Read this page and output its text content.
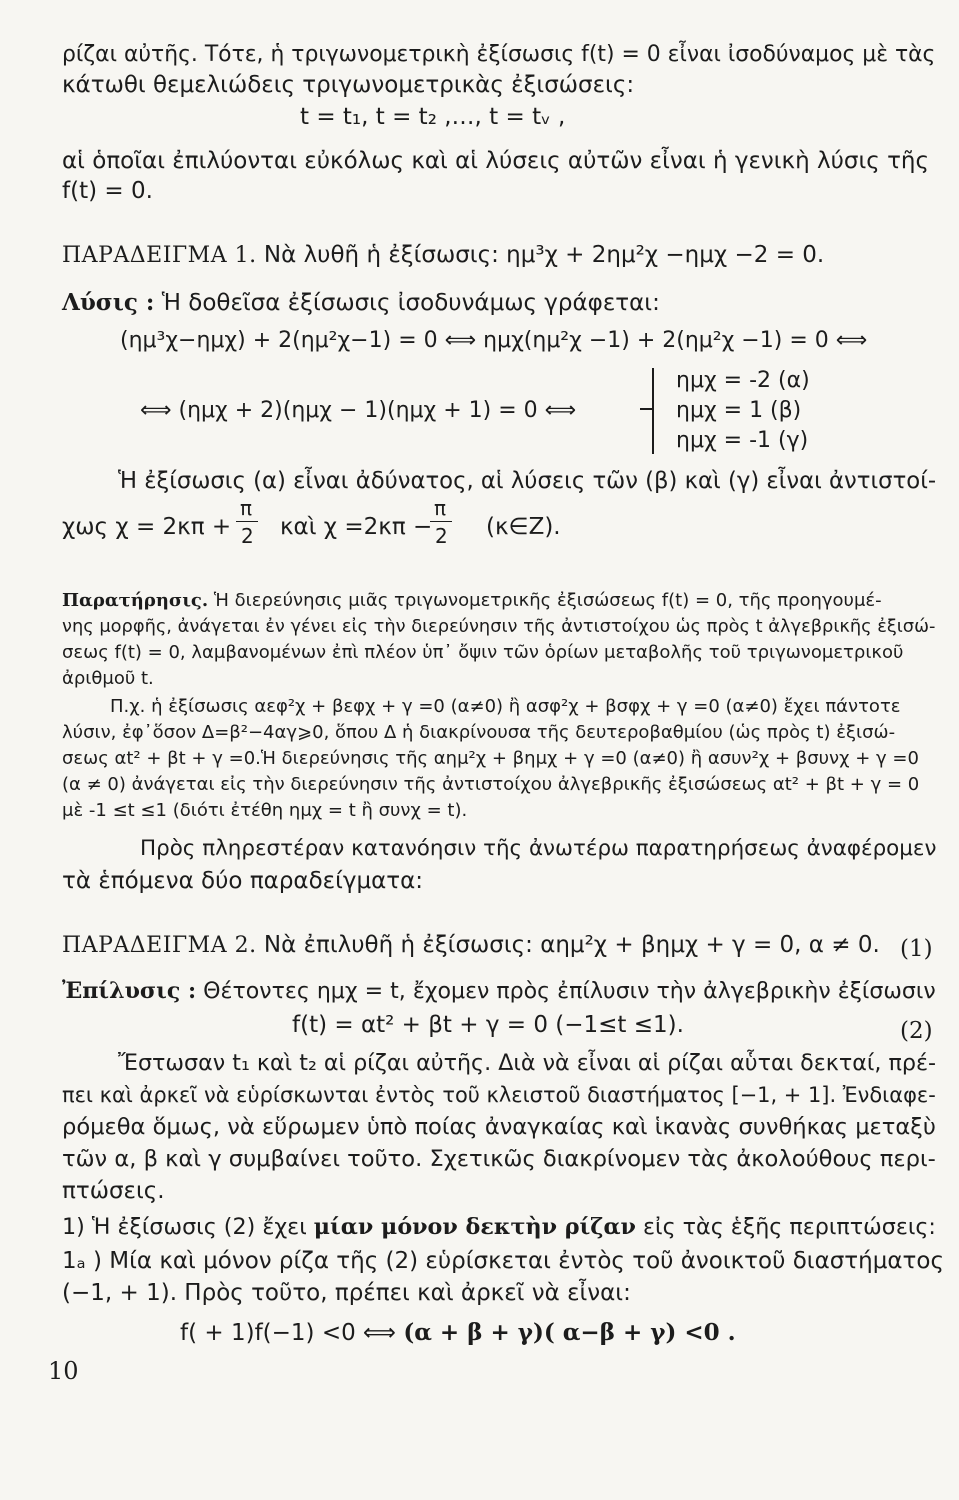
ρίζαι αὐτῆς. Τότε, ἡ τριγωνομετρικὴ ἐξίσωσις f(t) = 0 εἶναι ἰσοδύναμος μὲ τὰς
κάτωθι θεμελιώδεις τριγωνομετρικὰς ἐξισώσεις:
t = t₁, t = t₂ ,…, t = tᵥ ,
αἱ ὁποῖαι ἐπιλύονται εὐκόλως καὶ αἱ λύσεις αὐτῶν εἶναι ἡ γενικὴ λύσις τῆς
f(t) = 0.
ΠΑΡΑΔΕΙΓΜΑ 1. Νὰ λυθῆ ἡ ἐξίσωσις: ημ³χ + 2ημ²χ −ημχ −2 = 0.
Λύσις : Ἡ δοθεῖσα ἐξίσωσις ἰσοδυνάμως γράφεται:
(ημ³χ−ημχ) + 2(ημ²χ−1) = 0 ⟺ ημχ(ημ²χ −1) + 2(ημ²χ −1) = 0 ⟺
⟺ (ημχ + 2)(ημχ − 1)(ημχ + 1) = 0 ⟺
ημχ = -2 (α)
ημχ = 1 (β)
ημχ = -1 (γ)
Ἡ ἐξίσωσις (α) εἶναι ἀδύνατος, αἱ λύσεις τῶν (β) καὶ (γ) εἶναι ἀντιστοί-
χως χ = 2κπ +
π
2 καὶ χ =2κπ −
π
2 (κ∈Ζ).
Παρατήρησις. Ἡ διερεύνησις μιᾶς τριγωνομετρικῆς ἐξισώσεως f(t) = 0, τῆς προηγουμέ-
νης μορφῆς, ἀνάγεται ἐν γένει εἰς τὴν διερεύνησιν τῆς ἀντιστοίχου ὡς πρὸς t ἀλγεβρικῆς ἐξισώ-
σεως f(t) = 0, λαμβανομένων ἐπὶ πλέον ὑπ᾽ ὄψιν τῶν ὁρίων μεταβολῆς τοῦ τριγωνομετρικοῦ
ἀριθμοῦ t.
Π.χ. ἡ ἐξίσωσις αεφ²χ + βεφχ + γ =0 (α≠0) ἢ ασφ²χ + βσφχ + γ =0 (α≠0) ἔχει πάντοτε
λύσιν, ἐφ᾽ὅσον Δ=β²−4αγ⩾0, ὅπου Δ ἡ διακρίνουσα τῆς δευτεροβαθμίου (ὡς πρὸς t) ἐξισώ-
σεως αt² + βt + γ =0.Ἡ διερεύνησις τῆς αημ²χ + βημχ + γ =0 (α≠0) ἢ ασυν²χ + βσυνχ + γ =0
(α ≠ 0) ἀνάγεται εἰς τὴν διερεύνησιν τῆς ἀντιστοίχου ἀλγεβρικῆς ἐξισώσεως αt² + βt + γ = 0
μὲ -1 ≤t ≤1 (διότι ἐτέθη ημχ = t ἢ συνχ = t).
Πρὸς πληρεστέραν κατανόησιν τῆς ἀνωτέρω παρατηρήσεως ἀναφέρομεν
τὰ ἑπόμενα δύο παραδείγματα:
ΠΑΡΑΔΕΙΓΜΑ 2. Νὰ ἐπιλυθῆ ἡ ἐξίσωσις: αημ²χ + βημχ + γ = 0, α ≠ 0. (1)
Ἐπίλυσις : Θέτοντες ημχ = t, ἔχομεν πρὸς ἐπίλυσιν τὴν ἀλγεβρικὴν ἐξίσωσιν
f(t) = αt² + βt + γ = 0 (−1≤t ≤1).	(2)
Ἔστωσαν t₁ καὶ t₂ αἱ ρίζαι αὐτῆς. Διὰ νὰ εἶναι αἱ ρίζαι αὗται δεκταί, πρέ-
πει καὶ ἀρκεῖ νὰ εὑρίσκωνται ἐντὸς τοῦ κλειστοῦ διαστήματος [−1, + 1]. Ἐνδιαφε-
ρόμεθα ὅμως, νὰ εὕρωμεν ὑπὸ ποίας ἀναγκαίας καὶ ἱκανὰς συνθήκας μεταξὺ
τῶν α, β καὶ γ συμβαίνει τοῦτο. Σχετικῶς διακρίνομεν τὰς ἀκολούθους περι-
πτώσεις.
1) Ἡ ἐξίσωσις (2) ἔχει μίαν μόνον δεκτὴν ρίζαν εἰς τὰς ἑξῆς περιπτώσεις:
1ₐ ) Μία καὶ μόνον ρίζα τῆς (2) εὑρίσκεται ἐντὸς τοῦ ἀνοικτοῦ διαστήματος
(−1, + 1). Πρὸς τοῦτο, πρέπει καὶ ἀρκεῖ νὰ εἶναι:
f( + 1)f(−1) <0 ⟺ (α + β + γ)( α−β + γ) <0 .
10
